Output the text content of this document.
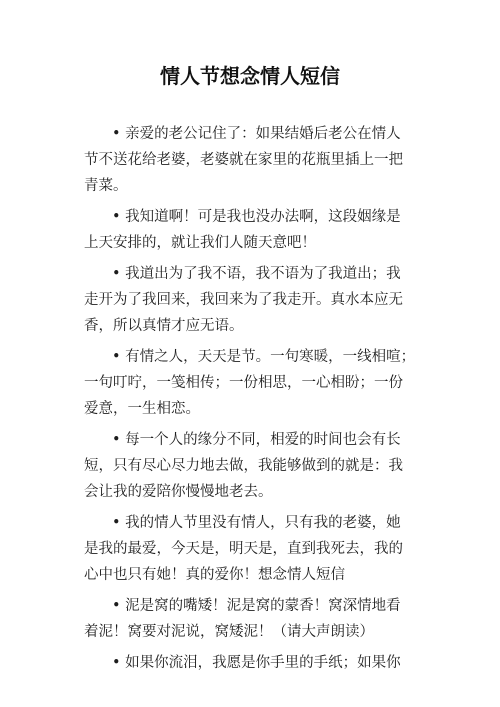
情人节想念情人短信
• 亲爱的老公记住了：如果结婚后老公在情人
节不送花给老婆，老婆就在家里的花瓶里插上一把
青菜。
• 我知道啊！可是我也没办法啊，这段姻缘是
上天安排的，就让我们人随天意吧！
• 我道出为了我不语，我不语为了我道出；我
走开为了我回来，我回来为了我走开。真水本应无
香，所以真情才应无语。
• 有情之人，天天是节。一句寒暖，一线相喧；
一句叮咛，一笺相传；一份相思，一心相盼；一份
爱意，一生相恋。
• 每一个人的缘分不同，相爱的时间也会有长
短，只有尽心尽力地去做，我能够做到的就是：我
会让我的爱陪你慢慢地老去。
• 我的情人节里没有情人，只有我的老婆，她
是我的最爱，今天是，明天是，直到我死去，我的
心中也只有她！真的爱你！想念情人短信
• 泥是窝的嘴矮！泥是窝的蒙香！窝深情地看
着泥！窝要对泥说，窝矮泥！（请大声朗读）
• 如果你流泪，我愿是你手里的手纸；如果你
